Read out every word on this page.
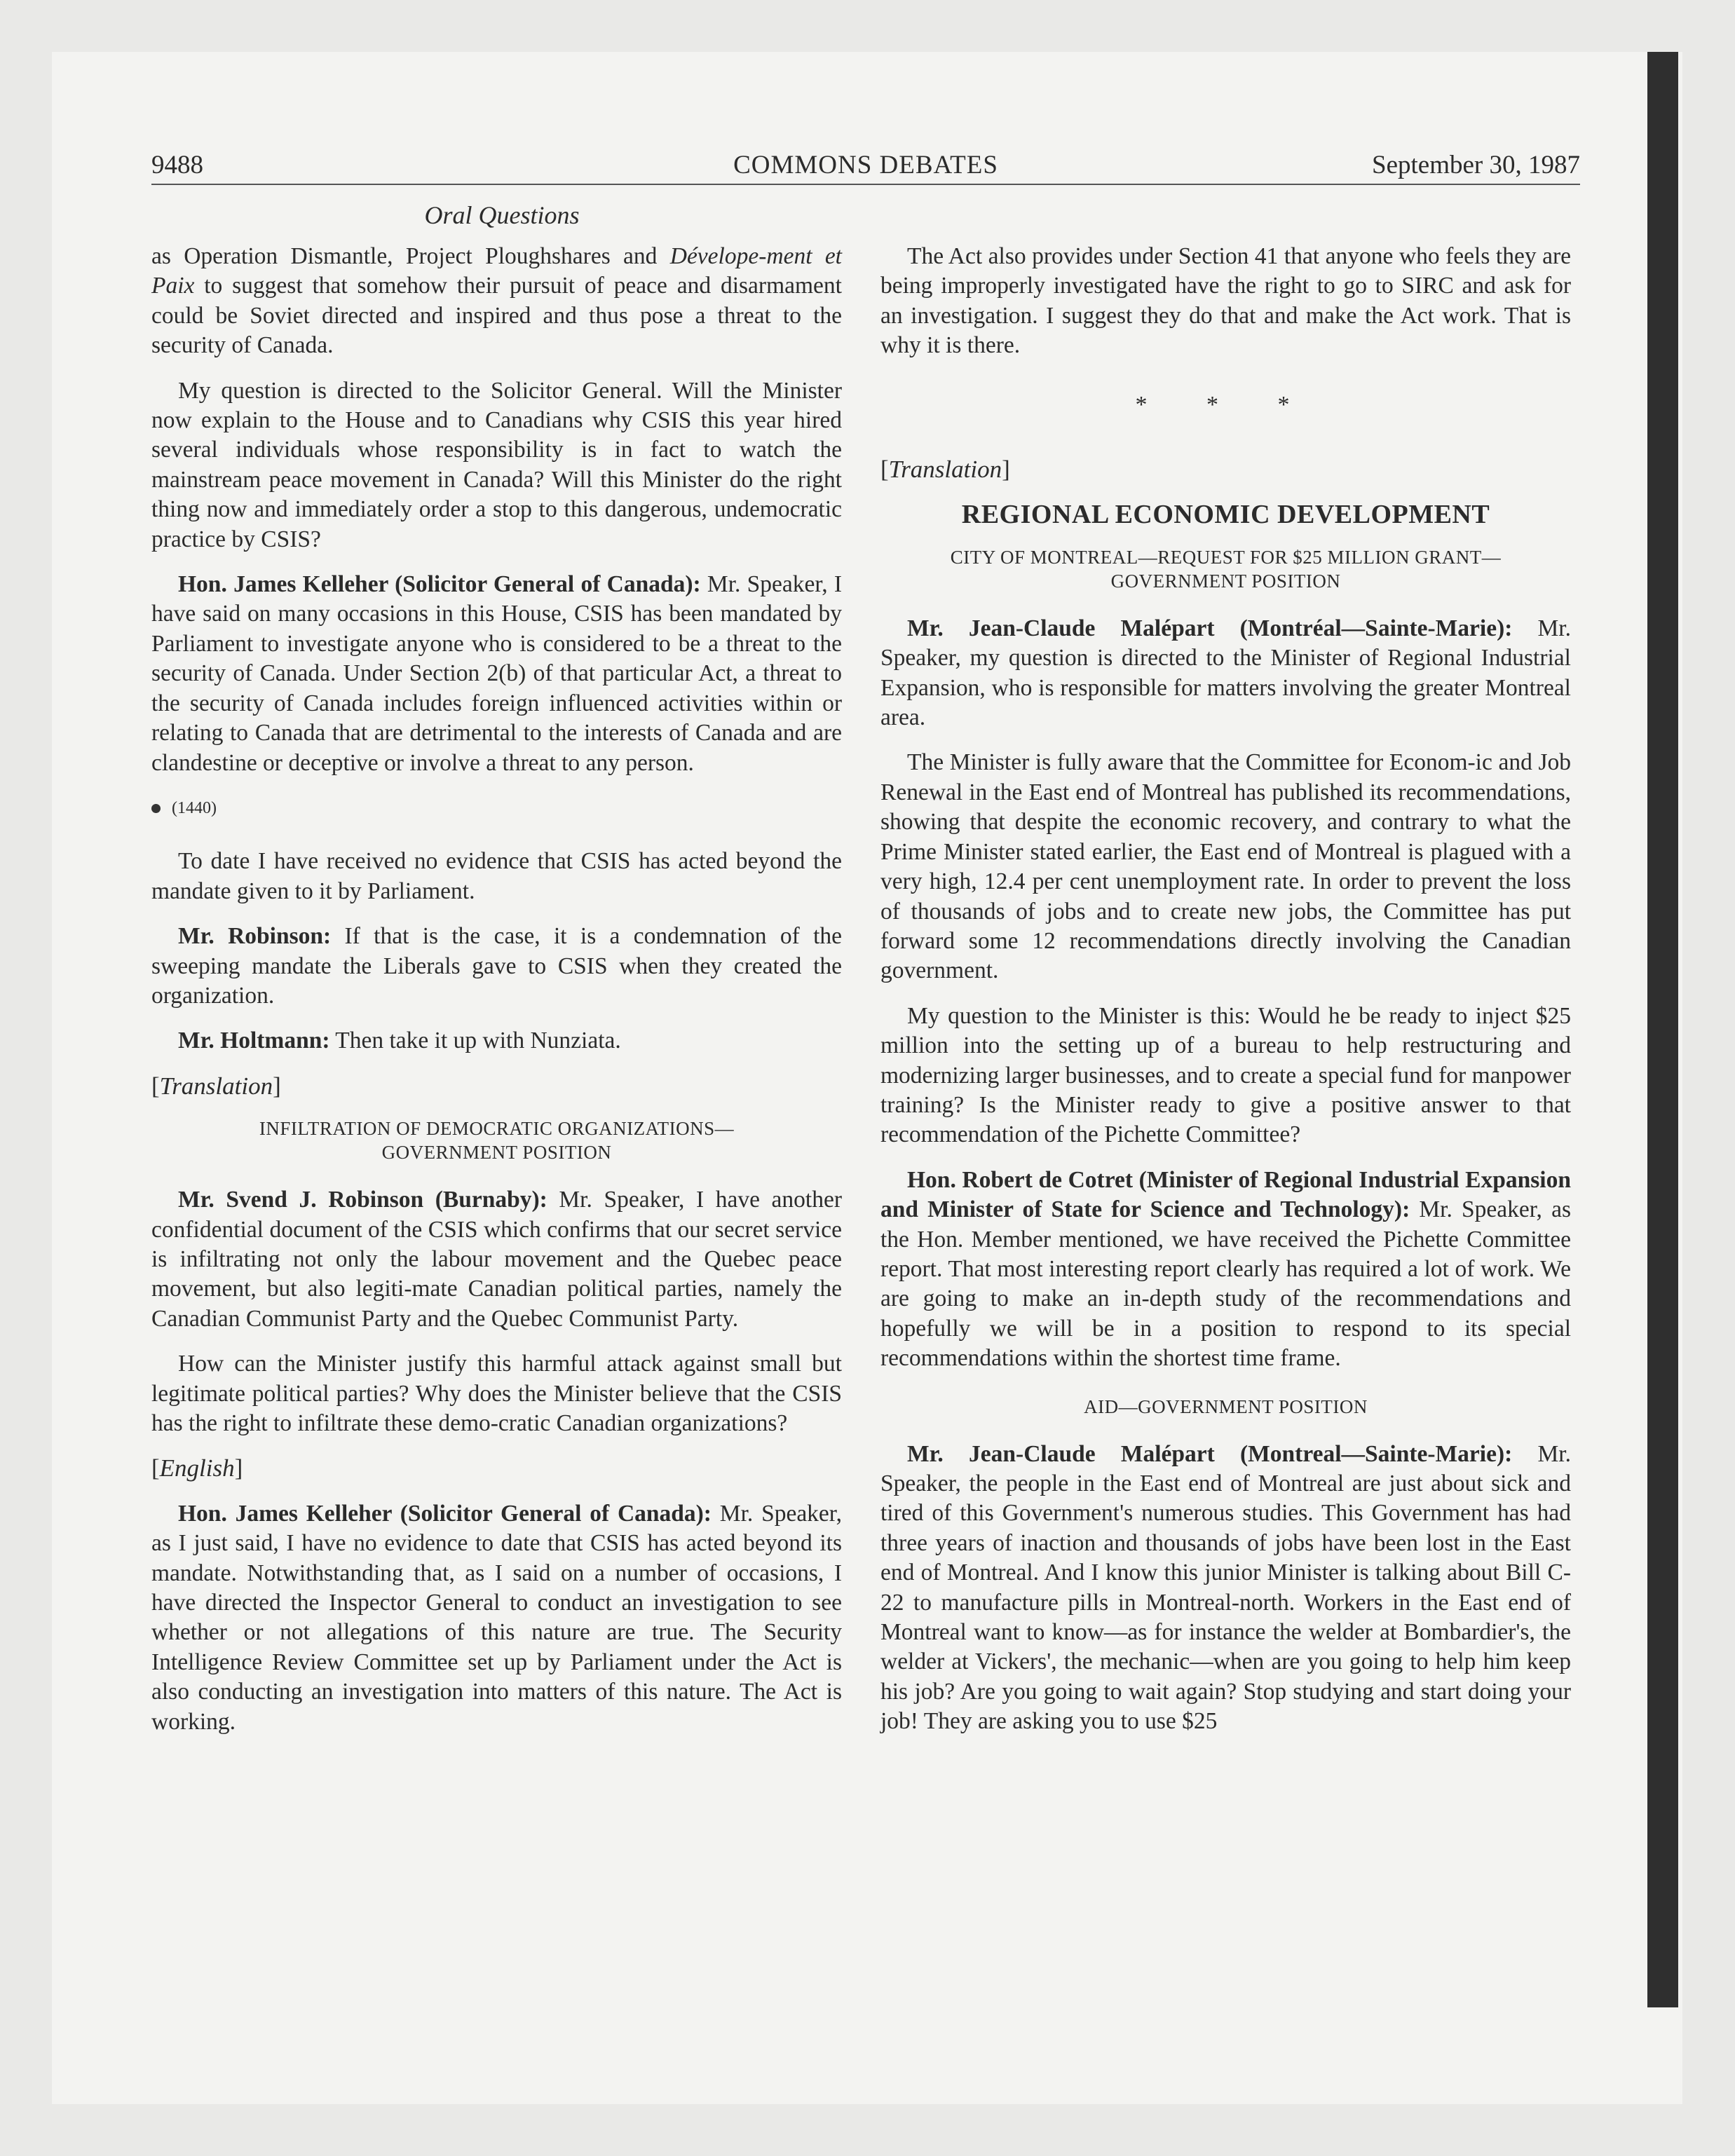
9488	COMMONS DEBATES	September 30, 1987
Oral Questions

as Operation Dismantle, Project Ploughshares and Dévelope-ment et Paix to suggest that somehow their pursuit of peace and disarmament could be Soviet directed and inspired and thus pose a threat to the security of Canada.

My question is directed to the Solicitor General. Will the Minister now explain to the House and to Canadians why CSIS this year hired several individuals whose responsibility is in fact to watch the mainstream peace movement in Canada? Will this Minister do the right thing now and immediately order a stop to this dangerous, undemocratic practice by CSIS?

Hon. James Kelleher (Solicitor General of Canada): Mr. Speaker, I have said on many occasions in this House, CSIS has been mandated by Parliament to investigate anyone who is considered to be a threat to the security of Canada. Under Section 2(b) of that particular Act, a threat to the security of Canada includes foreign influenced activities within or relating to Canada that are detrimental to the interests of Canada and are clandestine or deceptive or involve a threat to any person.

(1440)

To date I have received no evidence that CSIS has acted beyond the mandate given to it by Parliament.

Mr. Robinson: If that is the case, it is a condemnation of the sweeping mandate the Liberals gave to CSIS when they created the organization.

Mr. Holtmann: Then take it up with Nunziata.

[Translation]
INFILTRATION OF DEMOCRATIC ORGANIZATIONS—
GOVERNMENT POSITION

Mr. Svend J. Robinson (Burnaby): Mr. Speaker, I have another confidential document of the CSIS which confirms that our secret service is infiltrating not only the labour movement and the Quebec peace movement, but also legiti-mate Canadian political parties, namely the Canadian Communist Party and the Quebec Communist Party.

How can the Minister justify this harmful attack against small but legitimate political parties? Why does the Minister believe that the CSIS has the right to infiltrate these demo-cratic Canadian organizations?

[English]

Hon. James Kelleher (Solicitor General of Canada): Mr. Speaker, as I just said, I have no evidence to date that CSIS has acted beyond its mandate. Notwithstanding that, as I said on a number of occasions, I have directed the Inspector General to conduct an investigation to see whether or not allegations of this nature are true. The Security Intelligence Review Committee set up by Parliament under the Act is also conducting an investigation into matters of this nature. The Act is working.

The Act also provides under Section 41 that anyone who feels they are being improperly investigated have the right to go to SIRC and ask for an investigation. I suggest they do that and make the Act work. That is why it is there.

* * *
[Translation]
REGIONAL ECONOMIC DEVELOPMENT
CITY OF MONTREAL—REQUEST FOR $25 MILLION GRANT—
GOVERNMENT POSITION

Mr. Jean-Claude Malépart (Montréal—Sainte-Marie): Mr. Speaker, my question is directed to the Minister of Regional Industrial Expansion, who is responsible for matters involving the greater Montreal area.

The Minister is fully aware that the Committee for Econom-ic and Job Renewal in the East end of Montreal has published its recommendations, showing that despite the economic recovery, and contrary to what the Prime Minister stated earlier, the East end of Montreal is plagued with a very high, 12.4 per cent unemployment rate. In order to prevent the loss of thousands of jobs and to create new jobs, the Committee has put forward some 12 recommendations directly involving the Canadian government.

My question to the Minister is this: Would he be ready to inject $25 million into the setting up of a bureau to help restructuring and modernizing larger businesses, and to create a special fund for manpower training? Is the Minister ready to give a positive answer to that recommendation of the Pichette Committee?

Hon. Robert de Cotret (Minister of Regional Industrial Expansion and Minister of State for Science and Technology): Mr. Speaker, as the Hon. Member mentioned, we have received the Pichette Committee report. That most interesting report clearly has required a lot of work. We are going to make an in-depth study of the recommendations and hopefully we will be in a position to respond to its special recommendations within the shortest time frame.

AID—GOVERNMENT POSITION

Mr. Jean-Claude Malépart (Montreal—Sainte-Marie): Mr. Speaker, the people in the East end of Montreal are just about sick and tired of this Government's numerous studies. This Government has had three years of inaction and thousands of jobs have been lost in the East end of Montreal. And I know this junior Minister is talking about Bill C-22 to manufacture pills in Montreal-north. Workers in the East end of Montreal want to know—as for instance the welder at Bombardier's, the welder at Vickers', the mechanic—when are you going to help him keep his job? Are you going to wait again? Stop studying and start doing your job! They are asking you to use $25
